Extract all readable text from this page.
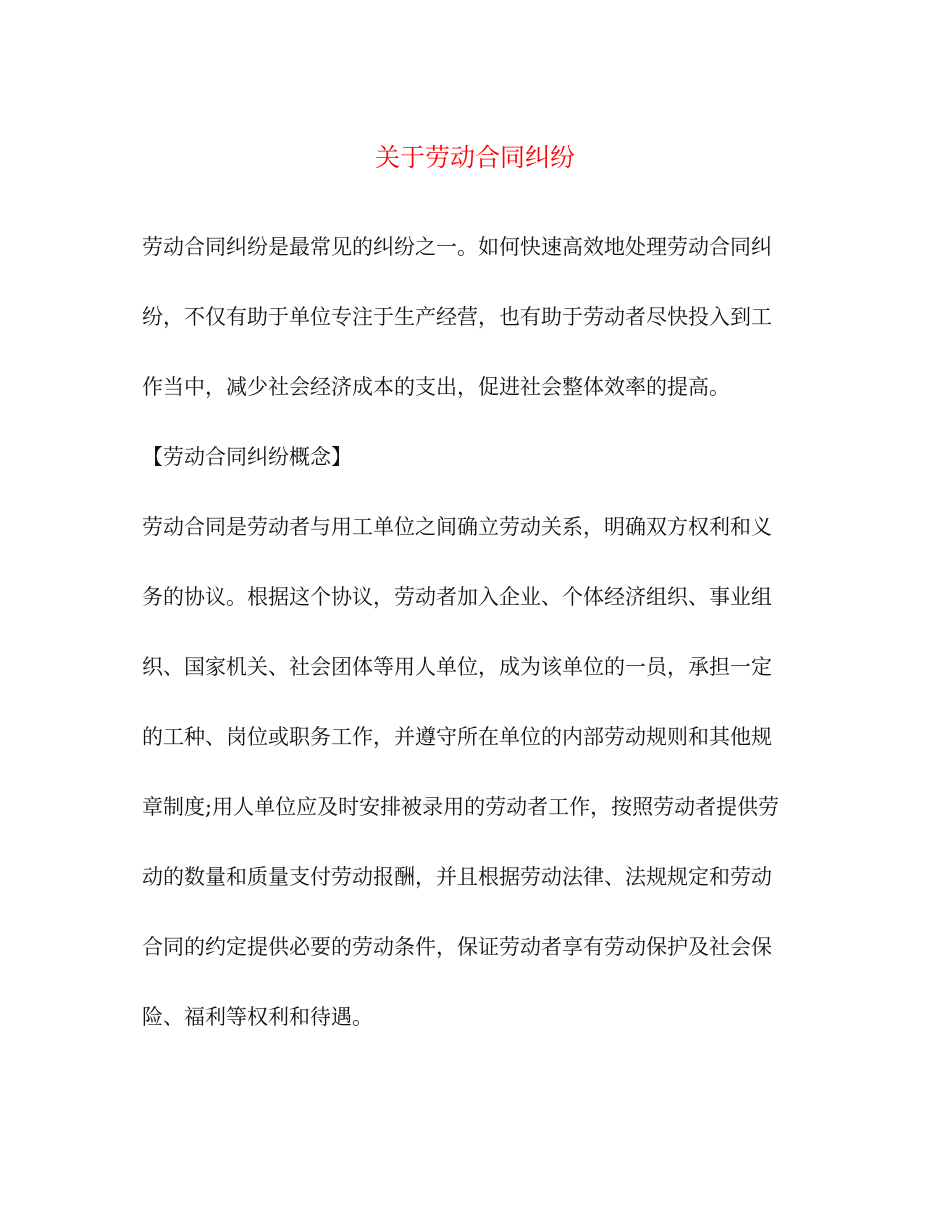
关于劳动合同纠纷

劳动合同纠纷是最常见的纠纷之一。如何快速高效地处理劳动合同纠

纷，不仅有助于单位专注于生产经营，也有助于劳动者尽快投入到工

作当中，减少社会经济成本的支出，促进社会整体效率的提高。

【劳动合同纠纷概念】

劳动合同是劳动者与用工单位之间确立劳动关系，明确双方权利和义

务的协议。根据这个协议，劳动者加入企业、个体经济组织、事业组

织、国家机关、社会团体等用人单位，成为该单位的一员，承担一定

的工种、岗位或职务工作，并遵守所在单位的内部劳动规则和其他规

章制度;用人单位应及时安排被录用的劳动者工作，按照劳动者提供劳

动的数量和质量支付劳动报酬，并且根据劳动法律、法规规定和劳动

合同的约定提供必要的劳动条件，保证劳动者享有劳动保护及社会保

险、福利等权利和待遇。
